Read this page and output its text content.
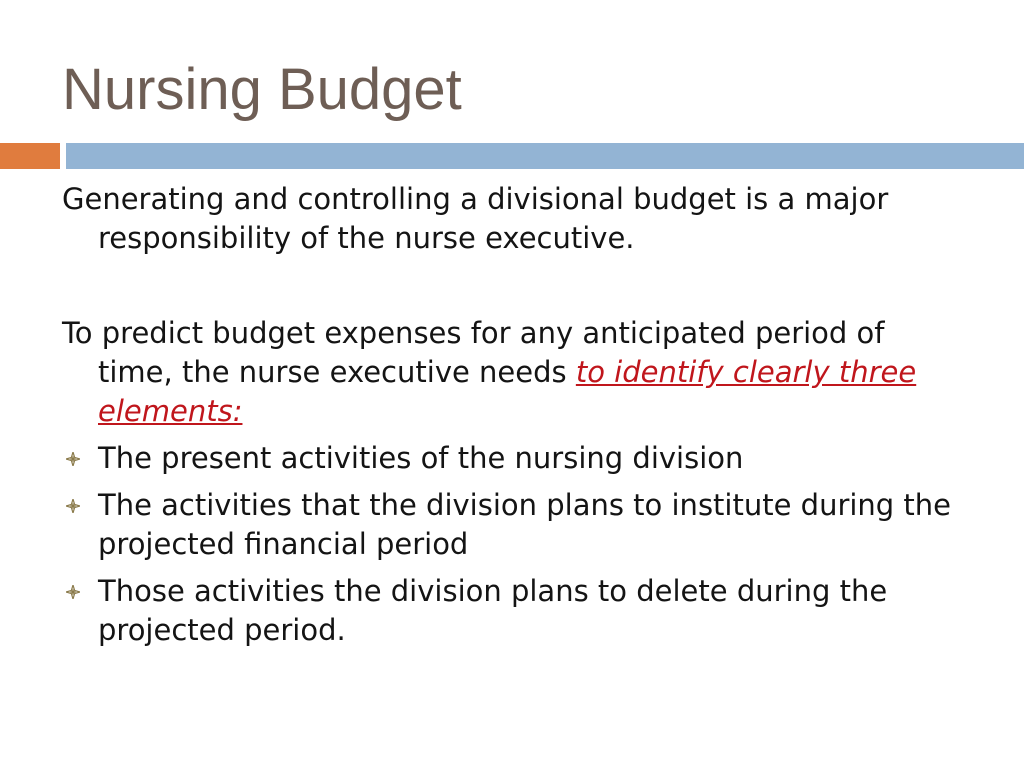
Nursing Budget

Generating and controlling a divisional budget is a major responsibility of the nurse executive.

To predict budget expenses for any anticipated period of time, the nurse executive needs to identify clearly three elements:

The present activities of the nursing division
The activities that the division plans to institute during the projected financial period
Those activities the division plans to delete during the projected period.
